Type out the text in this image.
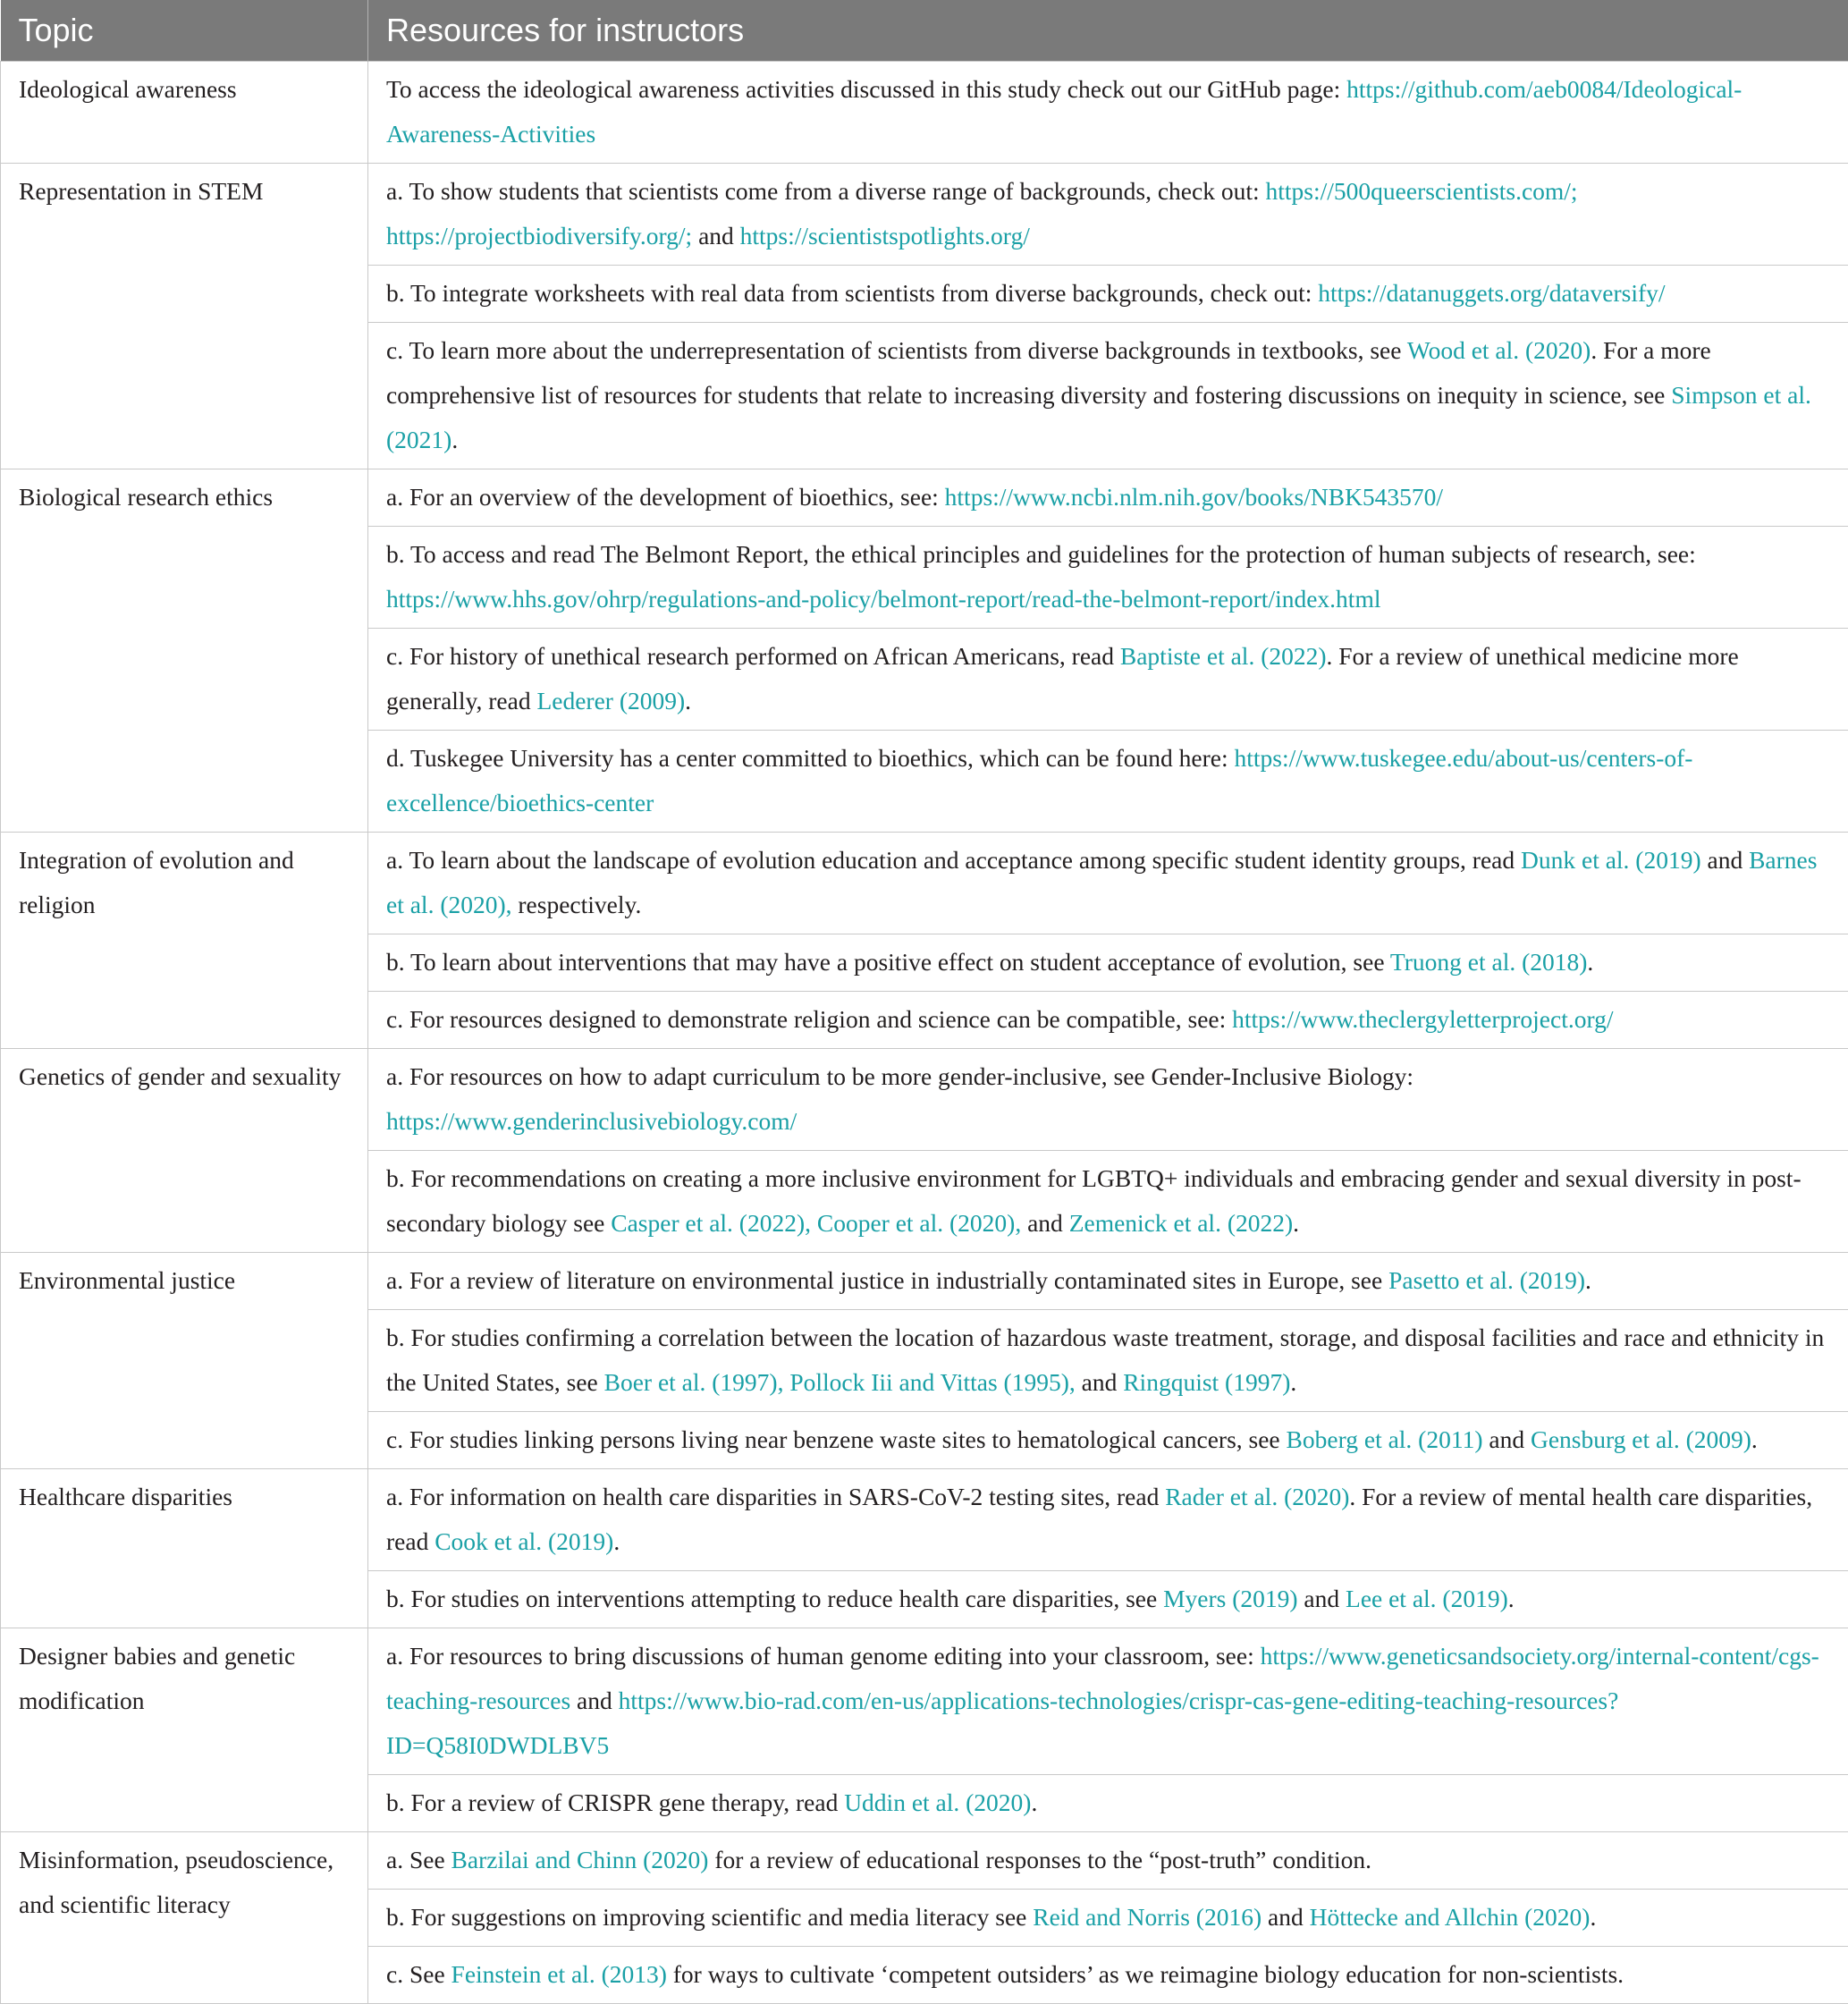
Topic	Resources for instructors
Ideological awareness	To access the ideological awareness activities discussed in this study check out our GitHub page: https://github.com/aeb0084/Ideological-Awareness-Activities
Representation in STEM	a. To show students that scientists come from a diverse range of backgrounds, check out: https://500queerscientists.com/; https://projectbiodiversify.org/; and https://scientistspotlights.org/
	b. To integrate worksheets with real data from scientists from diverse backgrounds, check out: https://datanuggets.org/dataversify/
	c. To learn more about the underrepresentation of scientists from diverse backgrounds in textbooks, see Wood et al. (2020). For a more comprehensive list of resources for students that relate to increasing diversity and fostering discussions on inequity in science, see Simpson et al. (2021).
Biological research ethics	a. For an overview of the development of bioethics, see: https://www.ncbi.nlm.nih.gov/books/NBK543570/
	b. To access and read The Belmont Report, the ethical principles and guidelines for the protection of human subjects of research, see: https://www.hhs.gov/ohrp/regulations-and-policy/belmont-report/read-the-belmont-report/index.html
	c. For history of unethical research performed on African Americans, read Baptiste et al. (2022). For a review of unethical medicine more generally, read Lederer (2009).
	d. Tuskegee University has a center committed to bioethics, which can be found here: https://www.tuskegee.edu/about-us/centers-of-excellence/bioethics-center
Integration of evolution and religion	a. To learn about the landscape of evolution education and acceptance among specific student identity groups, read Dunk et al. (2019) and Barnes et al. (2020), respectively.
	b. To learn about interventions that may have a positive effect on student acceptance of evolution, see Truong et al. (2018).
	c. For resources designed to demonstrate religion and science can be compatible, see: https://www.theclergyletterproject.org/
Genetics of gender and sexuality	a. For resources on how to adapt curriculum to be more gender-inclusive, see Gender-Inclusive Biology: https://www.genderinclusivebiology.com/
	b. For recommendations on creating a more inclusive environment for LGBTQ+ individuals and embracing gender and sexual diversity in post-secondary biology see Casper et al. (2022), Cooper et al. (2020), and Zemenick et al. (2022).
Environmental justice	a. For a review of literature on environmental justice in industrially contaminated sites in Europe, see Pasetto et al. (2019).
	b. For studies confirming a correlation between the location of hazardous waste treatment, storage, and disposal facilities and race and ethnicity in the United States, see Boer et al. (1997), Pollock Iii and Vittas (1995), and Ringquist (1997).
	c. For studies linking persons living near benzene waste sites to hematological cancers, see Boberg et al. (2011) and Gensburg et al. (2009).
Healthcare disparities	a. For information on health care disparities in SARS-CoV-2 testing sites, read Rader et al. (2020). For a review of mental health care disparities, read Cook et al. (2019).
	b. For studies on interventions attempting to reduce health care disparities, see Myers (2019) and Lee et al. (2019).
Designer babies and genetic modification	a. For resources to bring discussions of human genome editing into your classroom, see: https://www.geneticsandsociety.org/internal-content/cgs-teaching-resources and https://www.bio-rad.com/en-us/applications-technologies/crispr-cas-gene-editing-teaching-resources?ID=Q58I0DWDLBV5
	b. For a review of CRISPR gene therapy, read Uddin et al. (2020).
Misinformation, pseudoscience, and scientific literacy	a. See Barzilai and Chinn (2020) for a review of educational responses to the “post-truth” condition.
	b. For suggestions on improving scientific and media literacy see Reid and Norris (2016) and Höttecke and Allchin (2020).
	c. See Feinstein et al. (2013) for ways to cultivate ‘competent outsiders’ as we reimagine biology education for non-scientists.
